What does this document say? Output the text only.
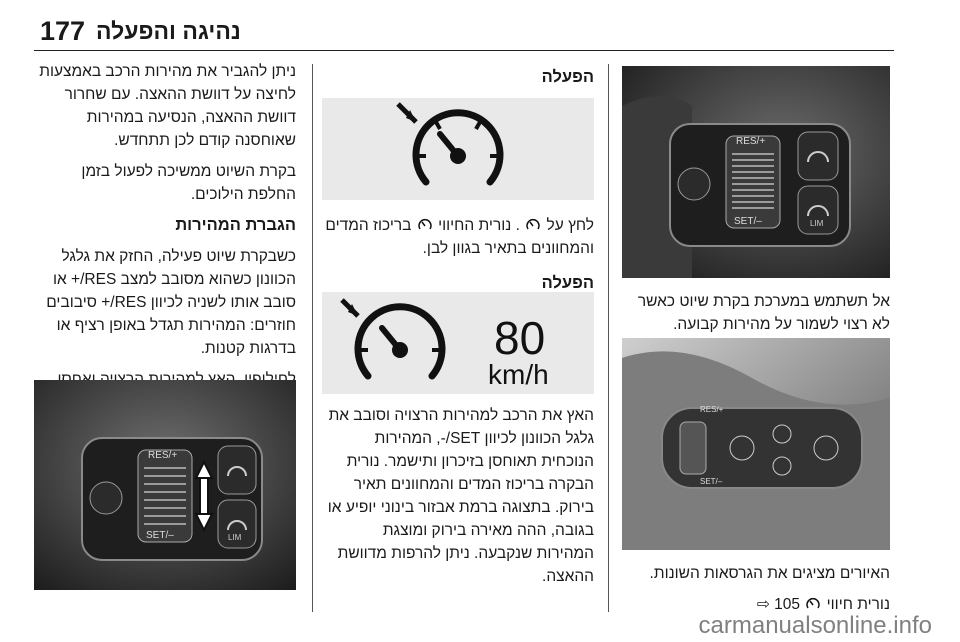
177 נהיגה והפעלה
RES/+
SET/–	LIM

אל תשתמש במערכת בקרת שיוט כאשר לא רצוי לשמור על מהירות קבועה.

RES/+
SET/–

האיורים מציגים את הגרסאות השונות.

נורית חיווי  105 ⇨

הפעלה

לחץ על  . נורית החיווי  בריכוז המדים והמחוונים בתאיר בגוון לבן.

הפעלה
80
km/h

האץ את הרכב למהירות הרצויה וסובב את גלגל הכוונון לכיוון SET/-, המהירות הנוכחית תאוחסן בזיכרון ותישמר. נורית הבקרה בריכוז המדים והמחוונים תאיר בירוק. בתצוגה ברמת אבזור בינוני יופיע או בגובה, ההה מאירה בירוק ומוצגת המהירות שנקבעה. ניתן להרפות מדוושת ההאצה.

ניתן להגביר את מהירות הרכב באמצעות לחיצה על דוושת ההאצה. עם שחרור דוושת ההאצה, הנסיעה במהירות שאוחסנה קודם לכן תתחדש.

בקרת השיוט ממשיכה לפעול בזמן החלפת הילוכים.

הגברת המהירות

כשבקרת שיוט פעילה, החזק את גלגל הכוונון כשהוא מסובב למצב RES/+ או סובב אותו לשניה לכיוון RES/+ סיבובים חוזרים: המהירות תגדל באופן רציף או בדרגות קטנות.

RES/+
SET/–	LIM
carmanualsonline.info
